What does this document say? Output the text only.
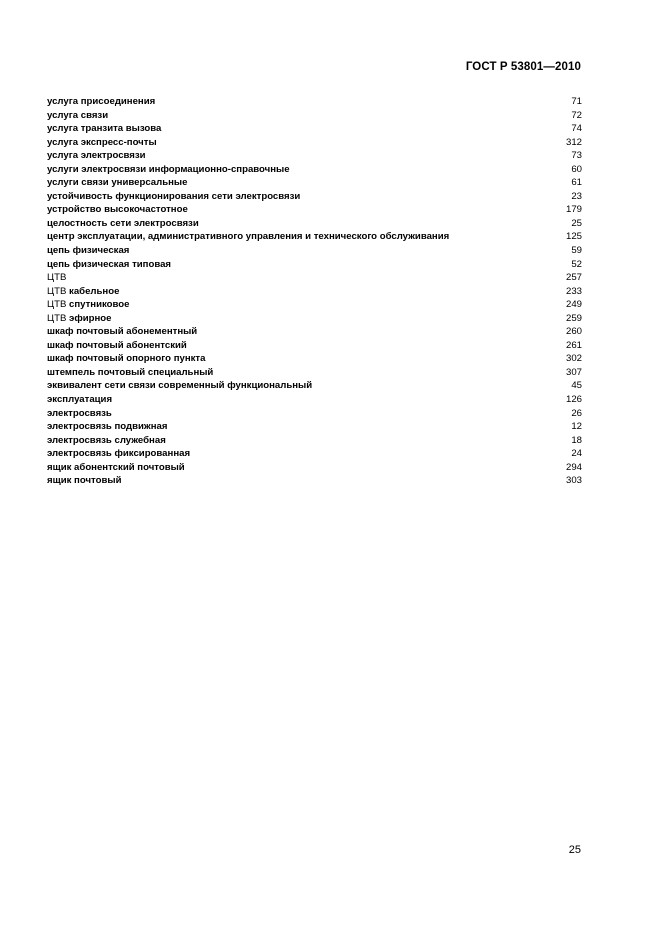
ГОСТ Р 53801—2010
услуга присоединения	71
услуга связи	72
услуга транзита вызова	74
услуга экспресс-почты	312
услуга электросвязи	73
услуги электросвязи информационно-справочные	60
услуги связи универсальные	61
устойчивость функционирования сети электросвязи	23
устройство высокочастотное	179
целостность сети электросвязи	25
центр эксплуатации, административного управления и технического обслуживания	125
цепь физическая	59
цепь физическая типовая	52
ЦТВ	257
ЦТВ кабельное	233
ЦТВ спутниковое	249
ЦТВ эфирное	259
шкаф почтовый абонементный	260
шкаф почтовый абонентский	261
шкаф почтовый опорного пункта	302
штемпель почтовый специальный	307
эквивалент сети связи современный функциональный	45
эксплуатация	126
электросвязь	26
электросвязь подвижная	12
электросвязь служебная	18
электросвязь фиксированная	24
ящик абонентский почтовый	294
ящик почтовый	303
25
